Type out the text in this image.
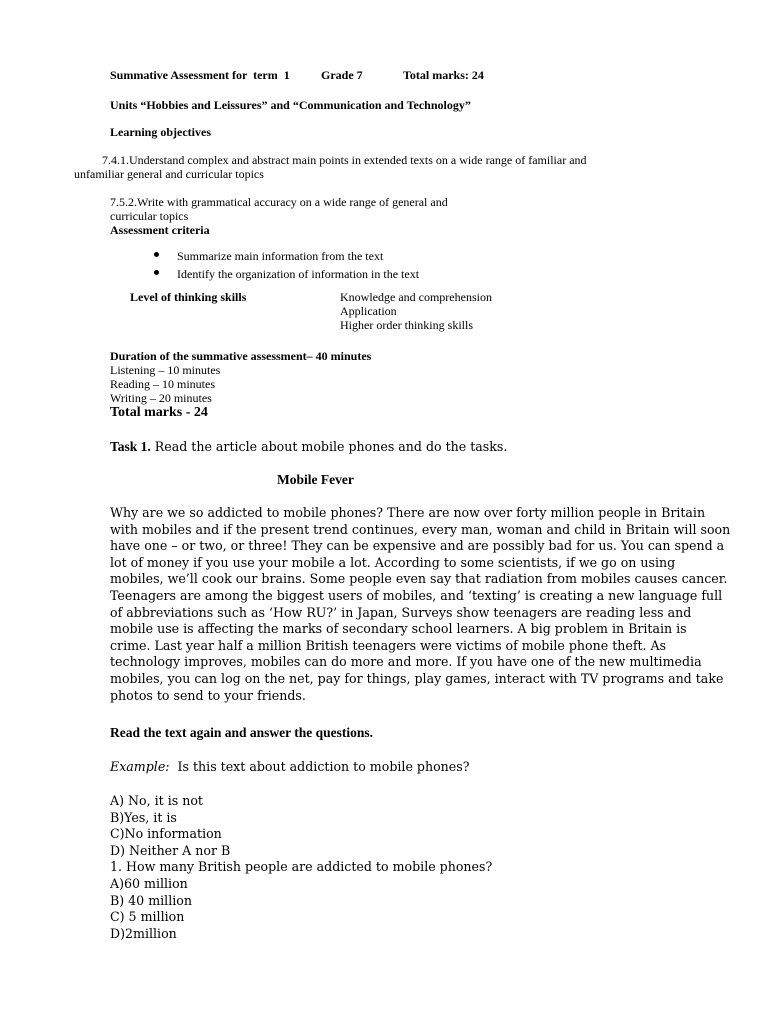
Summative Assessment for  term  1	Grade 7	Total marks: 24
Units “Hobbies and Leissures” and “Communication and Technology”
Learning objectives
7.4.1.Understand complex and abstract main points in extended texts on a wide range of familiar and
unfamiliar general and curricular topics
7.5.2.Write with grammatical accuracy on a wide range of general and
curricular topics
Assessment criteria
Summarize main information from the text
Identify the organization of information in the text
Level of thinking skills	Knowledge and comprehension
Application
Higher order thinking skills
Duration of the summative assessment– 40 minutes
Listening – 10 minutes
Reading – 10 minutes
Writing – 20 minutes
Total marks - 24
Task 1. Read the article about mobile phones and do the tasks.
Mobile Fever
Why are we so addicted to mobile phones? There are now over forty million people in Britain
with mobiles and if the present trend continues, every man, woman and child in Britain will soon
have one – or two, or three! They can be expensive and are possibly bad for us. You can spend a
lot of money if you use your mobile a lot. According to some scientists, if we go on using
mobiles, we’ll cook our brains. Some people even say that radiation from mobiles causes cancer.
Teenagers are among the biggest users of mobiles, and ‘texting’ is creating a new language full
of abbreviations such as ‘How RU?’ in Japan, Surveys show teenagers are reading less and
mobile use is affecting the marks of secondary school learners. A big problem in Britain is
crime. Last year half a million British teenagers were victims of mobile phone theft. As
technology improves, mobiles can do more and more. If you have one of the new multimedia
mobiles, you can log on the net, pay for things, play games, interact with TV programs and take
photos to send to your friends.
Read the text again and answer the questions.
Example:  Is this text about addiction to mobile phones?
A) No, it is not
B)Yes, it is
C)No information
D) Neither A nor B
1. How many British people are addicted to mobile phones?
A)60 million
B) 40 million
C) 5 million
D)2million
